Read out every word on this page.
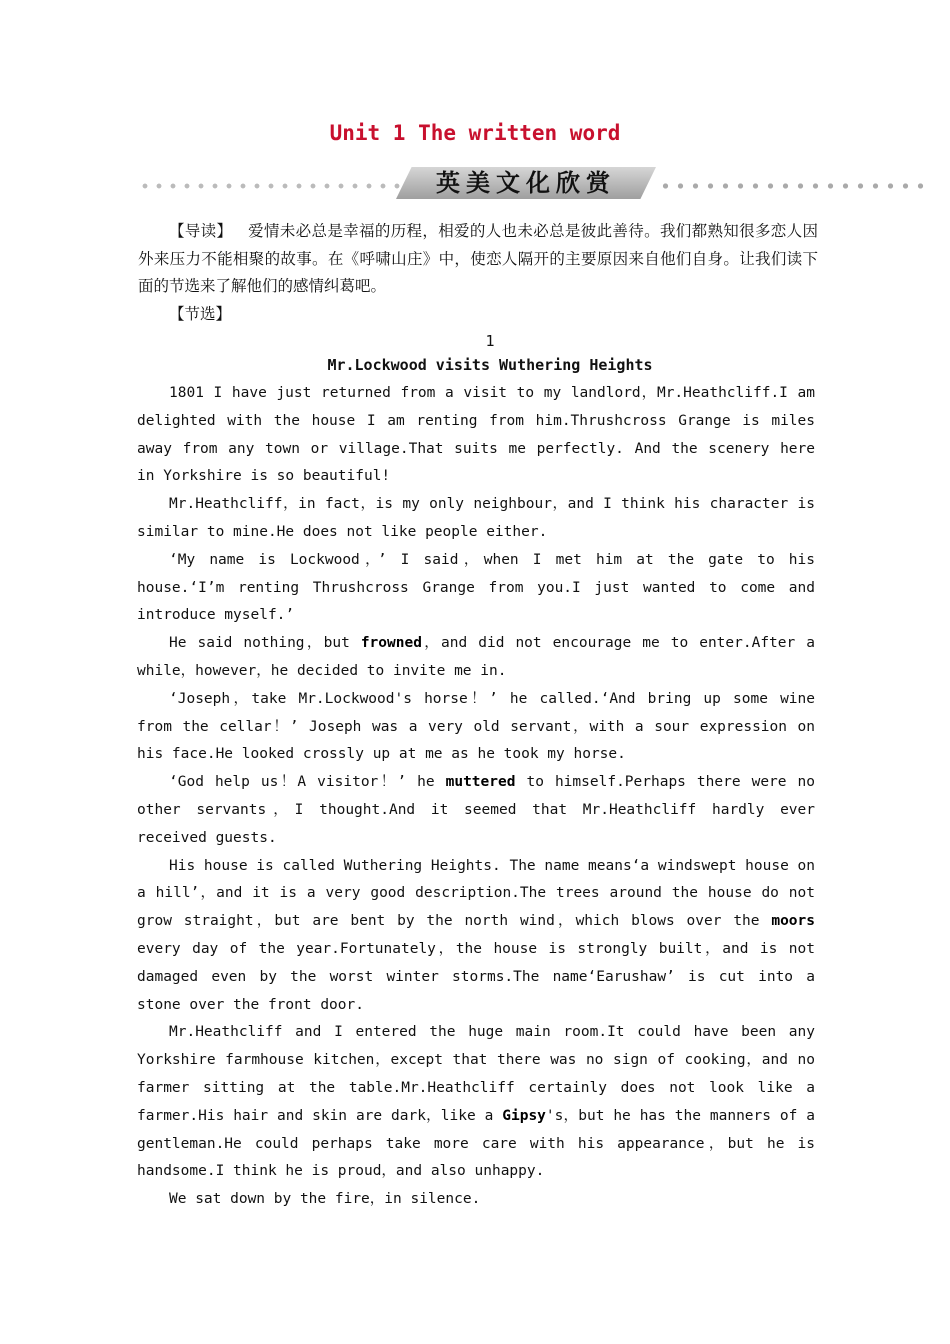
Unit 1 The written word
英美文化欣赏

【导读】 爱情未必总是幸福的历程，相爱的人也未必总是彼此善待。我们都熟知很多恋人因外来压力不能相聚的故事。在《呼啸山庄》中，使恋人隔开的主要原因来自他们自身。让我们读下面的节选来了解他们的感情纠葛吧。

【节选】

1
Mr.Lockwood visits Wuthering Heights

1801 I have just returned from a visit to my landlord，Mr.Heathcliff.I am delighted with the house I am renting from him.Thrushcross Grange is miles away from any town or village.That suits me perfectly. And the scenery here in Yorkshire is so beautiful!

Mr.Heathcliff，in fact，is my only neighbour，and I think his character is similar to mine.He does not like people either.

‘My name is Lockwood，’ I said，when I met him at the gate to his house.‘I’m renting Thrushcross Grange from you.I just wanted to come and introduce myself.’

He said nothing，but frowned，and did not encourage me to enter.After a while，however，he decided to invite me in.

‘Joseph，take Mr.Lockwood's horse！’ he called.‘And bring up some wine from the cellar！’ Joseph was a very old servant，with a sour expression on his face.He looked crossly up at me as he took my horse.

‘God help us！A visitor！’ he muttered to himself.Perhaps there were no other servants，I thought.And it seemed that Mr.Heathcliff hardly ever received guests.

His house is called Wuthering Heights. The name means‘a windswept house on a hill’，and it is a very good description.The trees around the house do not grow straight，but are bent by the north wind，which blows over the moors every day of the year.Fortunately，the house is strongly built，and is not damaged even by the worst winter storms.The name‘Earushaw’ is cut into a stone over the front door.

Mr.Heathcliff and I entered the huge main room.It could have been any Yorkshire farmhouse kitchen，except that there was no sign of cooking，and no farmer sitting at the table.Mr.Heathcliff certainly does not look like a farmer.His hair and skin are dark，like a Gipsy's，but he has the manners of a gentleman.He could perhaps take more care with his appearance，but he is handsome.I think he is proud，and also unhappy.

We sat down by the fire，in silence.
